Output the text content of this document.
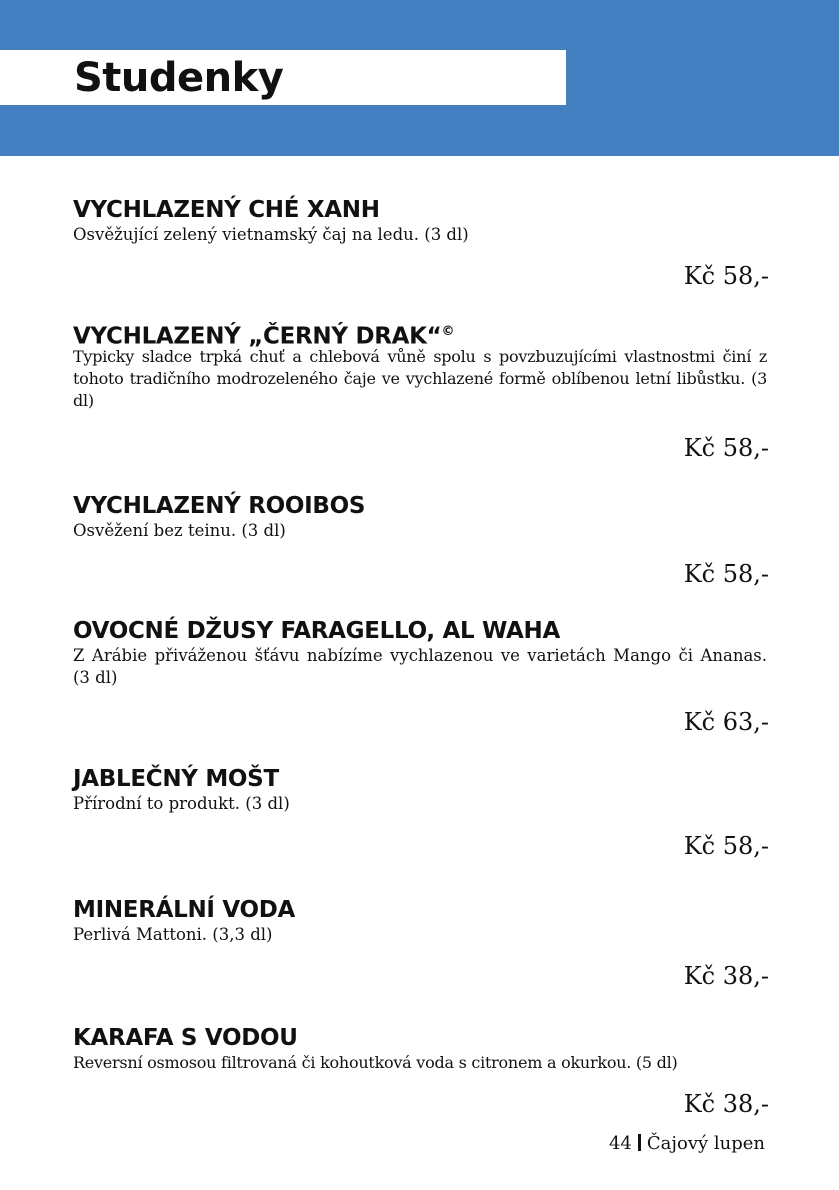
Studenky
VYCHLAZENÝ CHÉ XANH

Osvěžující zelený vietnamský čaj na ledu. (3 dl)

Kč 58,-

VYCHLAZENÝ „ČERNÝ DRAK“©

Typicky sladce trpká chuť a chlebová vůně spolu s povzbuzujícími vlastnostmi činí z tohoto tradičního modrozeleného čaje ve vychlazené formě oblíbenou letní libůstku. (3 dl)

Kč 58,-

VYCHLAZENÝ ROOIBOS

Osvěžení bez teinu. (3 dl)

Kč 58,-

OVOCNÉ DŽUSY FARAGELLO, AL WAHA

Z Arábie přiváženou šťávu nabízíme vychlazenou ve varietách Mango či Ananas. (3 dl)

Kč 63,-

JABLEČNÝ MOŠT

Přírodní to produkt. (3 dl)

Kč 58,-

MINERÁLNÍ VODA

Perlivá Mattoni. (3,3 dl)

Kč 38,-

KARAFA S VODOU

Reversní osmosou filtrovaná či kohoutková voda s citronem a okurkou. (5 dl)

Kč 38,-

44 Čajový lupen
